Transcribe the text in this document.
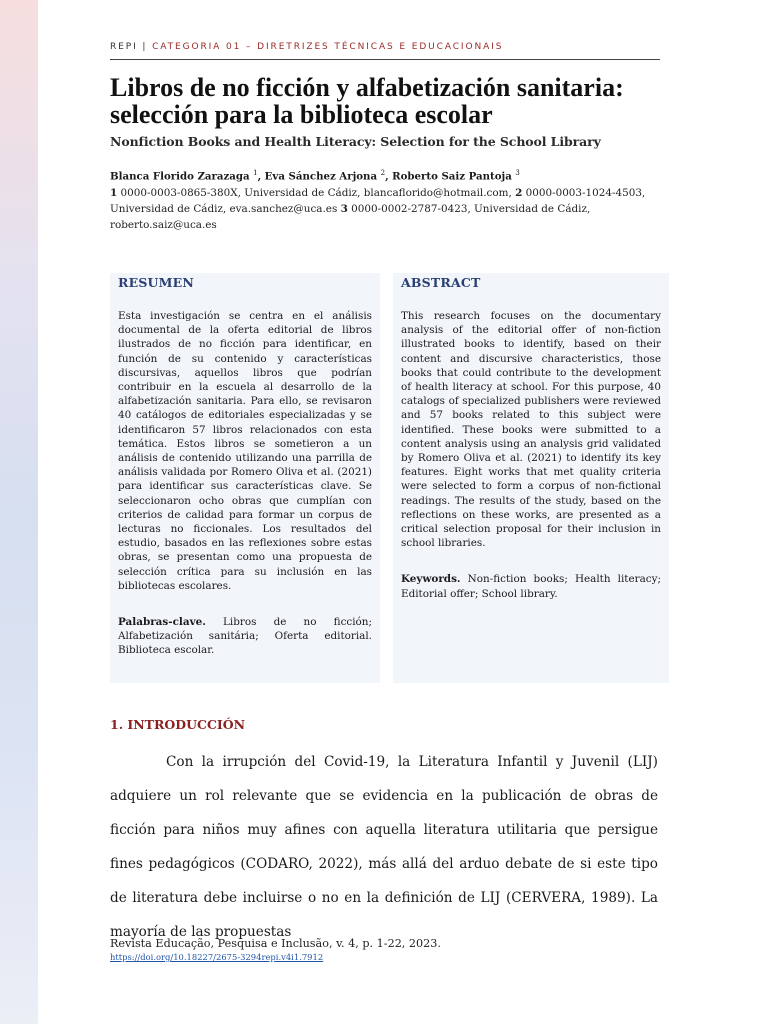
REPI | CATEGORIA 01 – DIRETRIZES TÉCNICAS E EDUCACIONAIS
Libros de no ficción y alfabetización sanitaria: selección para la biblioteca escolar
Nonfiction Books and Health Literacy: Selection for the School Library
Blanca Florido Zarazaga $^1$, Eva Sánchez Arjona $^2$, Roberto Saiz Pantoja $^3$
1 0000-0003-0865-380X, Universidad de Cádiz, blancaflorido@hotmail.com, 2 0000-0003-1024-4503, Universidad de Cádiz, eva.sanchez@uca.es 3 0000-0002-2787-0423, Universidad de Cádiz, roberto.saiz@uca.es
RESUMEN
Esta investigación se centra en el análisis documental de la oferta editorial de libros ilustrados de no ficción para identificar, en función de su contenido y características discursivas, aquellos libros que podrían contribuir en la escuela al desarrollo de la alfabetización sanitaria. Para ello, se revisaron 40 catálogos de editoriales especializadas y se identificaron 57 libros relacionados con esta temática. Estos libros se sometieron a un análisis de contenido utilizando una parrilla de análisis validada por Romero Oliva et al. (2021) para identificar sus características clave. Se seleccionaron ocho obras que cumplían con criterios de calidad para formar un corpus de lecturas no ficcionales. Los resultados del estudio, basados en las reflexiones sobre estas obras, se presentan como una propuesta de selección crítica para su inclusión en las bibliotecas escolares.
Palabras-clave. Libros de no ficción; Alfabetización sanitária; Oferta editorial. Biblioteca escolar.
ABSTRACT
This research focuses on the documentary analysis of the editorial offer of non-fiction illustrated books to identify, based on their content and discursive characteristics, those books that could contribute to the development of health literacy at school. For this purpose, 40 catalogs of specialized publishers were reviewed and 57 books related to this subject were identified. These books were submitted to a content analysis using an analysis grid validated by Romero Oliva et al. (2021) to identify its key features. Eight works that met quality criteria were selected to form a corpus of non-fictional readings. The results of the study, based on the reflections on these works, are presented as a critical selection proposal for their inclusion in school libraries.
Keywords. Non-fiction books; Health literacy; Editorial offer; School library.
1. INTRODUCCIÓN
Con la irrupción del Covid-19, la Literatura Infantil y Juvenil (LIJ) adquiere un rol relevante que se evidencia en la publicación de obras de ficción para niños muy afines con aquella literatura utilitaria que persigue fines pedagógicos (CODARO, 2022), más allá del arduo debate de si este tipo de literatura debe incluirse o no en la definición de LIJ (CERVERA, 1989). La mayoría de las propuestas
Revista Educação, Pesquisa e Inclusão, v. 4, p. 1-22, 2023.
https://doi.org/10.18227/2675-3294repi.v4i1.7912
